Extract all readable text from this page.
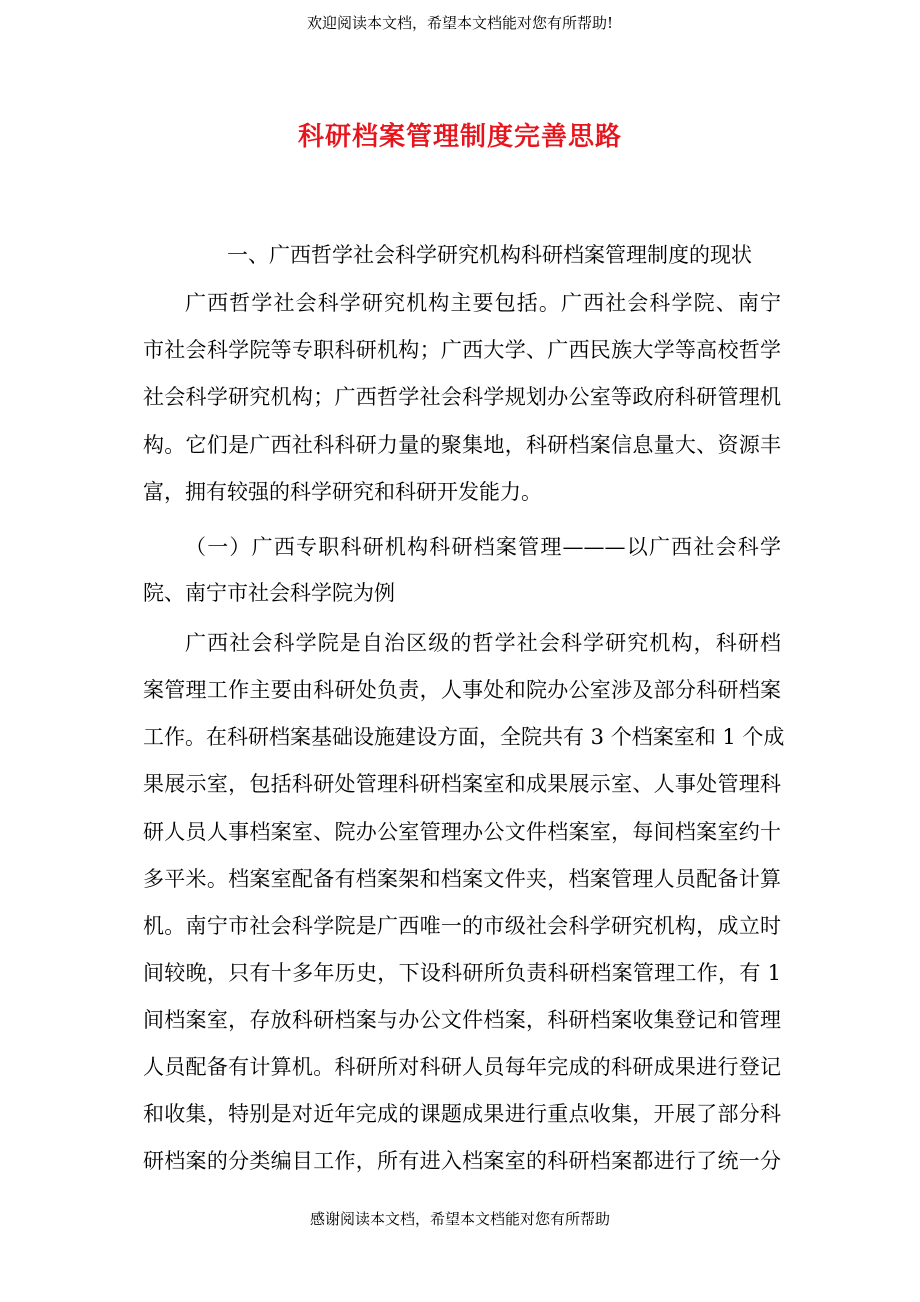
欢迎阅读本文档，希望本文档能对您有所帮助!
科研档案管理制度完善思路
一、广西哲学社会科学研究机构科研档案管理制度的现状
广西哲学社会科学研究机构主要包括。广西社会科学院、南宁
市社会科学院等专职科研机构；广西大学、广西民族大学等高校哲学
社会科学研究机构；广西哲学社会科学规划办公室等政府科研管理机
构。它们是广西社科科研力量的聚集地，科研档案信息量大、资源丰
富，拥有较强的科学研究和科研开发能力。
（一）广西专职科研机构科研档案管理———以广西社会科学
院、南宁市社会科学院为例
广西社会科学院是自治区级的哲学社会科学研究机构，科研档
案管理工作主要由科研处负责，人事处和院办公室涉及部分科研档案
工作。在科研档案基础设施建设方面，全院共有 3 个档案室和 1 个成
果展示室，包括科研处管理科研档案室和成果展示室、人事处管理科
研人员人事档案室、院办公室管理办公文件档案室，每间档案室约十
多平米。档案室配备有档案架和档案文件夹，档案管理人员配备计算
机。南宁市社会科学院是广西唯一的市级社会科学研究机构，成立时
间较晚，只有十多年历史，下设科研所负责科研档案管理工作，有 1
间档案室，存放科研档案与办公文件档案，科研档案收集登记和管理
人员配备有计算机。科研所对科研人员每年完成的科研成果进行登记
和收集，特别是对近年完成的课题成果进行重点收集，开展了部分科
研档案的分类编目工作，所有进入档案室的科研档案都进行了统一分
感谢阅读本文档，希望本文档能对您有所帮助
